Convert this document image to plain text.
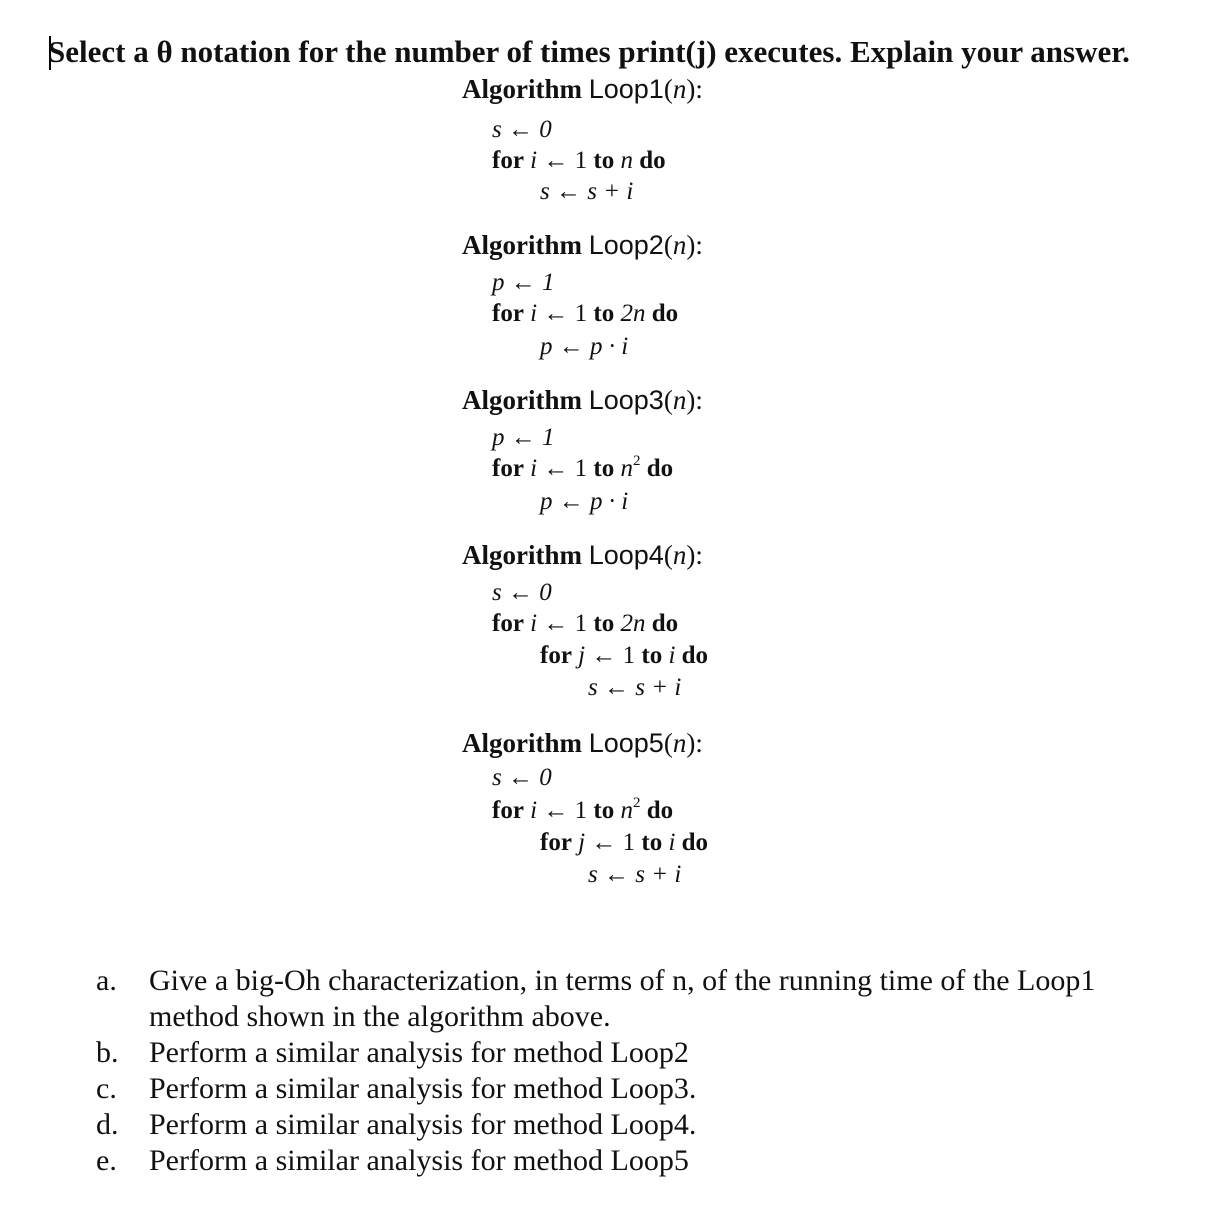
Select a θ notation for the number of times print(j) executes. Explain your answer.
Algorithm Loop1(n):
s ← 0
for i ← 1 to n do
s ← s + i
Algorithm Loop2(n):
p ← 1
for i ← 1 to 2n do
p ← p · i
Algorithm Loop3(n):
p ← 1
for i ← 1 to $n^2$ do
p ← p · i
Algorithm Loop4(n):
s ← 0
for i ← 1 to 2n do
for j ← 1 to i do
s ← s + i
Algorithm Loop5(n):
s ← 0
for i ← 1 to $n^2$ do
for j ← 1 to i do
s ← s + i
a.	Give a big-Oh characterization, in terms of n, of the running time of the Loop1 method shown in the algorithm above.
b.	Perform a similar analysis for method Loop2
c.	Perform a similar analysis for method Loop3.
d.	Perform a similar analysis for method Loop4.
e.	Perform a similar analysis for method Loop5
